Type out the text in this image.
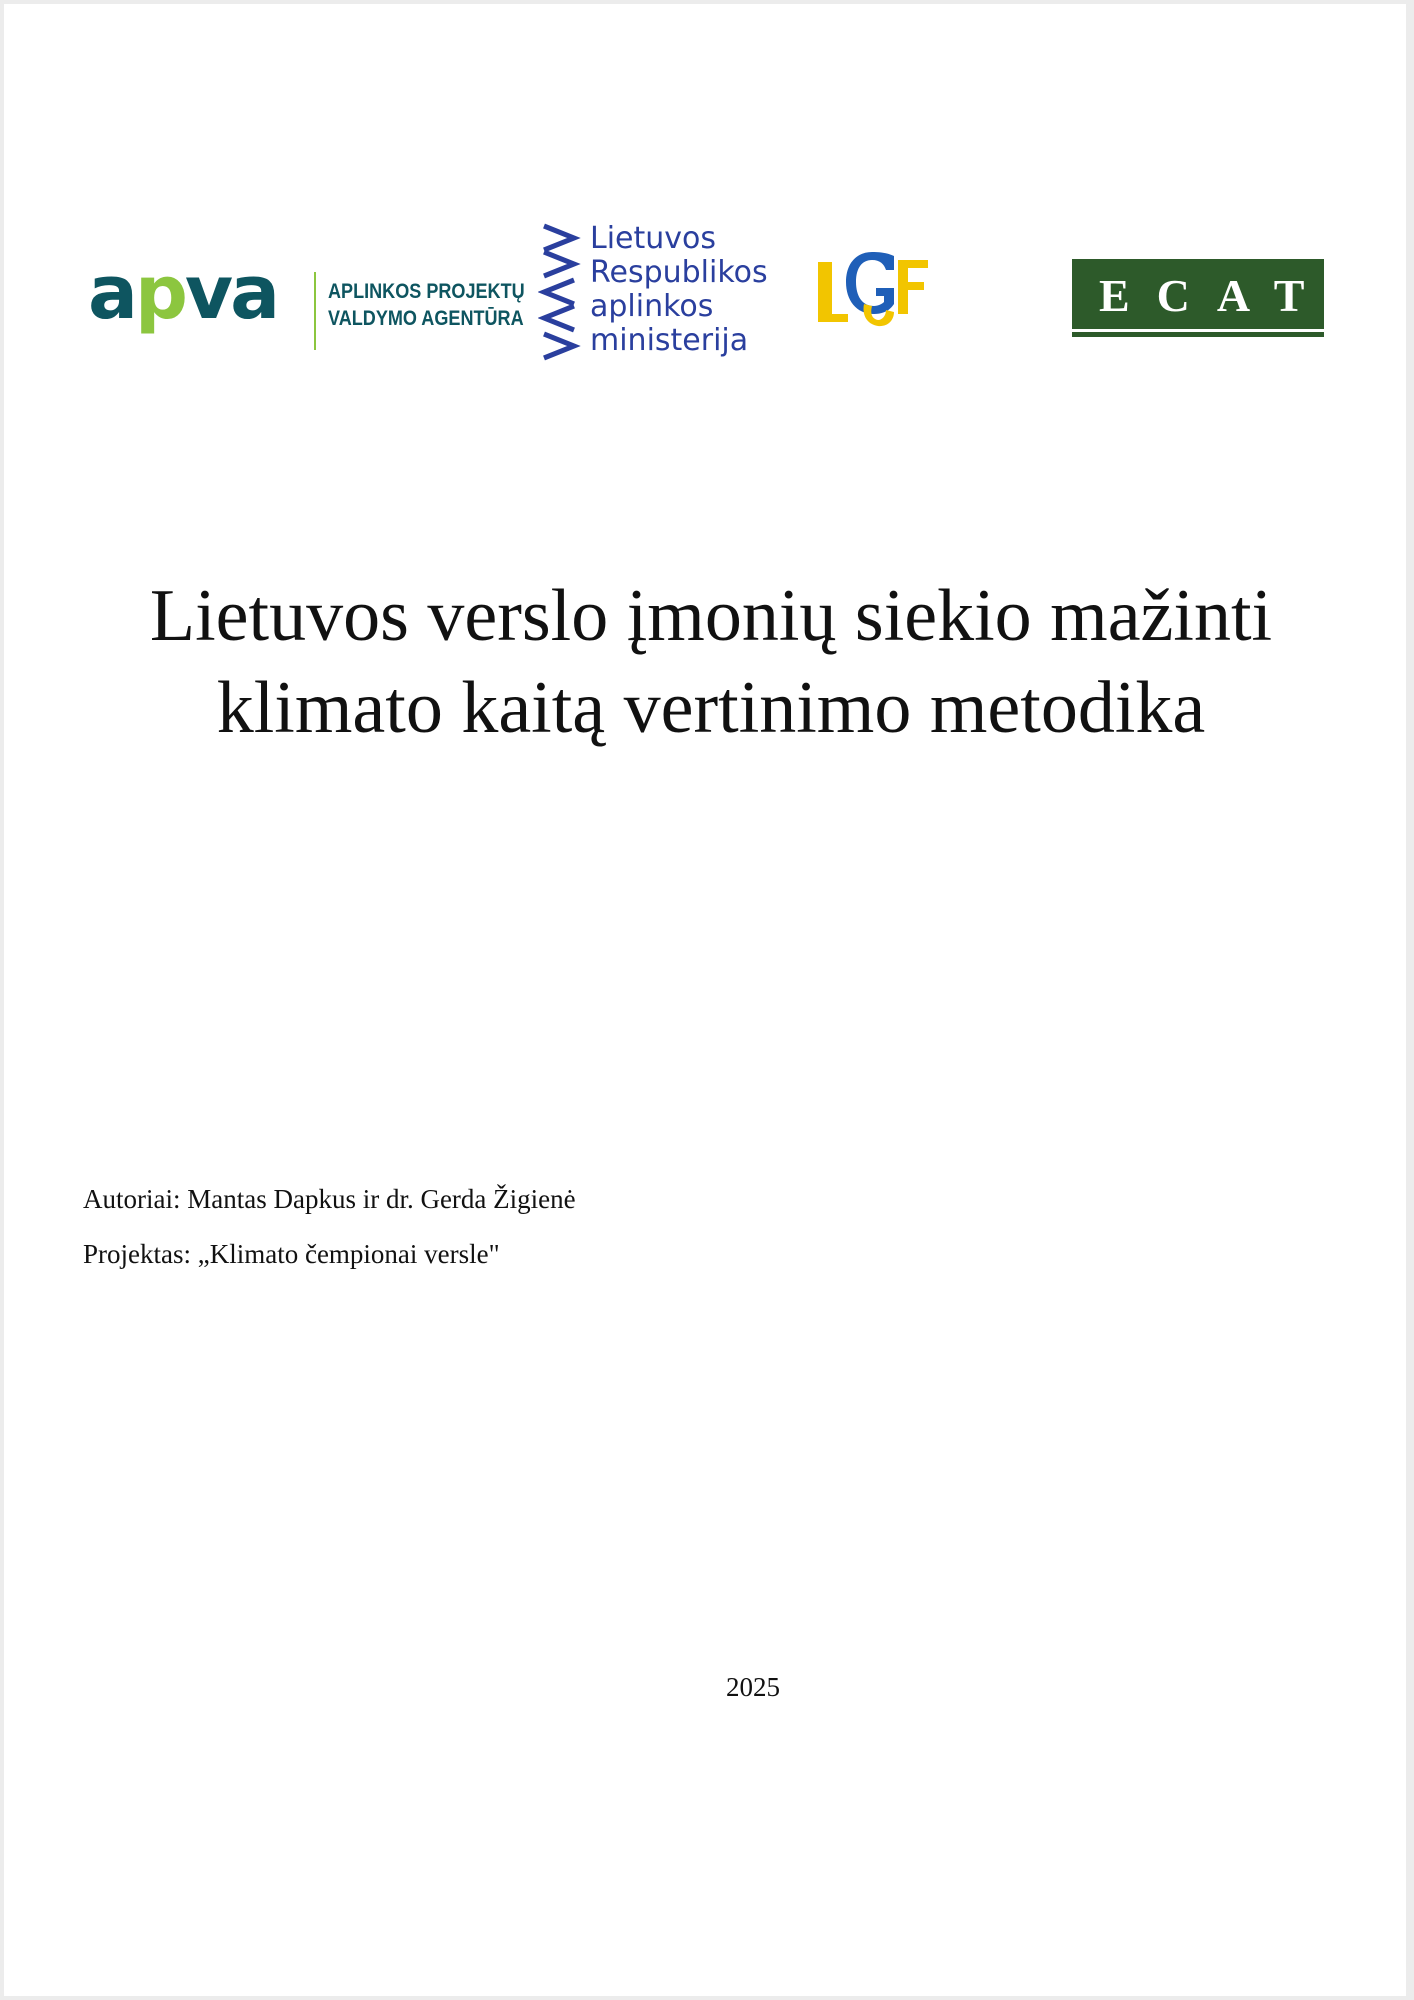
apva APLINKOS PROJEKTŲ
VALDYMO AGENTŪRA
Lietuvos
Respublikos
aplinkos
ministerija
ECAT
Lietuvos verslo įmonių siekio mažinti
klimato kaitą vertinimo metodika
Autoriai: Mantas Dapkus ir dr. Gerda Žigienė
Projektas: „Klimato čempionai versle"
2025
